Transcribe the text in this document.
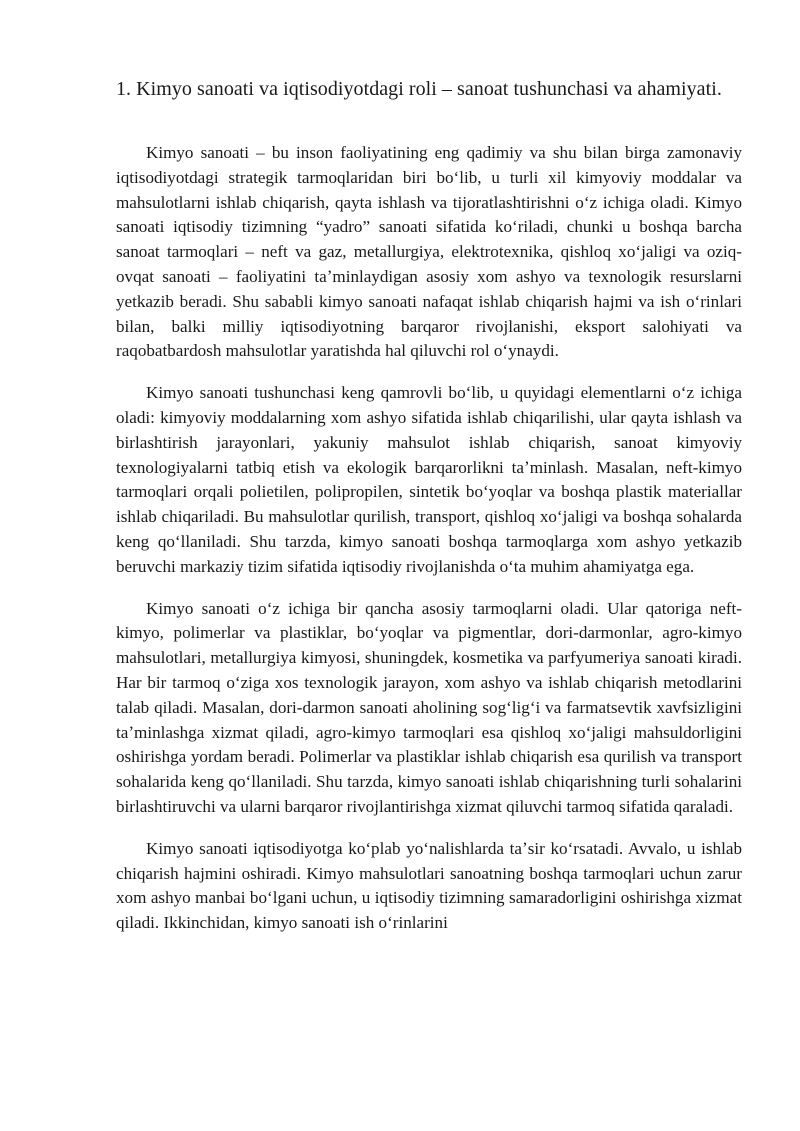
1. Kimyo sanoati va iqtisodiyotdagi roli – sanoat tushunchasi va ahamiyati.

Kimyo sanoati – bu inson faoliyatining eng qadimiy va shu bilan birga zamonaviy iqtisodiyotdagi strategik tarmoqlaridan biri boʻlib, u turli xil kimyoviy moddalar va mahsulotlarni ishlab chiqarish, qayta ishlash va tijoratlashtirishni oʻz ichiga oladi. Kimyo sanoati iqtisodiy tizimning “yadro” sanoati sifatida koʻriladi, chunki u boshqa barcha sanoat tarmoqlari – neft va gaz, metallurgiya, elektrotexnika, qishloq xoʻjaligi va oziq-ovqat sanoati – faoliyatini taʼminlaydigan asosiy xom ashyo va texnologik resurslarni yetkazib beradi. Shu sababli kimyo sanoati nafaqat ishlab chiqarish hajmi va ish oʻrinlari bilan, balki milliy iqtisodiyotning barqaror rivojlanishi, eksport salohiyati va raqobatbardosh mahsulotlar yaratishda hal qiluvchi rol oʻynaydi.

Kimyo sanoati tushunchasi keng qamrovli boʻlib, u quyidagi elementlarni oʻz ichiga oladi: kimyoviy moddalarning xom ashyo sifatida ishlab chiqarilishi, ular qayta ishlash va birlashtirish jarayonlari, yakuniy mahsulot ishlab chiqarish, sanoat kimyoviy texnologiyalarni tatbiq etish va ekologik barqarorlikni taʼminlash. Masalan, neft-kimyo tarmoqlari orqali polietilen, polipropilen, sintetik boʻyoqlar va boshqa plastik materiallar ishlab chiqariladi. Bu mahsulotlar qurilish, transport, qishloq xoʻjaligi va boshqa sohalarda keng qoʻllaniladi. Shu tarzda, kimyo sanoati boshqa tarmoqlarga xom ashyo yetkazib beruvchi markaziy tizim sifatida iqtisodiy rivojlanishda oʻta muhim ahamiyatga ega.

Kimyo sanoati oʻz ichiga bir qancha asosiy tarmoqlarni oladi. Ular qatoriga neft-kimyo, polimerlar va plastiklar, boʻyoqlar va pigmentlar, dori-darmonlar, agro-kimyo mahsulotlari, metallurgiya kimyosi, shuningdek, kosmetika va parfyumeriya sanoati kiradi. Har bir tarmoq oʻziga xos texnologik jarayon, xom ashyo va ishlab chiqarish metodlarini talab qiladi. Masalan, dori-darmon sanoati aholining sogʻligʻi va farmatsevtik xavfsizligini taʼminlashga xizmat qiladi, agro-kimyo tarmoqlari esa qishloq xoʻjaligi mahsuldorligini oshirishga yordam beradi. Polimerlar va plastiklar ishlab chiqarish esa qurilish va transport sohalarida keng qoʻllaniladi. Shu tarzda, kimyo sanoati ishlab chiqarishning turli sohalarini birlashtiruvchi va ularni barqaror rivojlantirishga xizmat qiluvchi tarmoq sifatida qaraladi.

Kimyo sanoati iqtisodiyotga koʻplab yoʻnalishlarda taʼsir koʻrsatadi. Avvalo, u ishlab chiqarish hajmini oshiradi. Kimyo mahsulotlari sanoatning boshqa tarmoqlari uchun zarur xom ashyo manbai boʻlgani uchun, u iqtisodiy tizimning samaradorligini oshirishga xizmat qiladi. Ikkinchidan, kimyo sanoati ish oʻrinlarini
